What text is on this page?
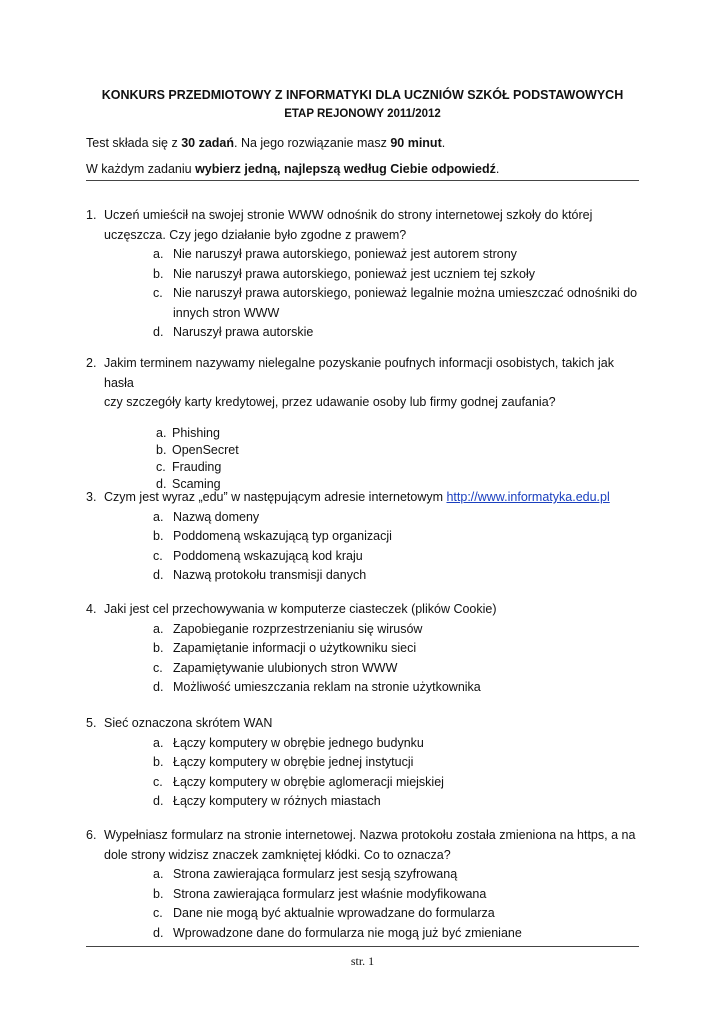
KONKURS PRZEDMIOTOWY Z INFORMATYKI DLA UCZNIÓW SZKÓŁ PODSTAWOWYCH
ETAP REJONOWY 2011/2012
Test składa się z 30 zadań. Na jego rozwiązanie masz 90 minut.
W każdym zadaniu wybierz jedną, najlepszą według Ciebie odpowiedź.
1. Uczeń umieścił na swojej stronie WWW odnośnik do strony internetowej szkoły do której
uczęszcza. Czy jego działanie było zgodne z prawem?
a. Nie naruszył prawa autorskiego, ponieważ jest autorem strony
b. Nie naruszył prawa autorskiego, ponieważ jest uczniem tej szkoły
c. Nie naruszył prawa autorskiego, ponieważ legalnie można umieszczać odnośniki do
innych stron WWW
d. Naruszył prawa autorskie
2. Jakim terminem nazywamy nielegalne pozyskanie poufnych informacji osobistych, takich jak hasła
czy szczegóły karty kredytowej, przez udawanie osoby lub firmy godnej zaufania?
a. Phishing
b. OpenSecret
c. Frauding
d. Scaming
3. Czym jest wyraz „edu” w następującym adresie internetowym http://www.informatyka.edu.pl
a. Nazwą domeny
b. Poddomeną wskazującą typ organizacji
c. Poddomeną wskazującą kod kraju
d. Nazwą protokołu transmisji danych
4. Jaki jest cel przechowywania w komputerze ciasteczek (plików Cookie)
a. Zapobieganie rozprzestrzenianiu się wirusów
b. Zapamiętanie informacji o użytkowniku sieci
c. Zapamiętywanie ulubionych stron WWW
d. Możliwość umieszczania reklam na stronie użytkownika
5. Sieć oznaczona skrótem WAN
a. Łączy komputery w obrębie jednego budynku
b. Łączy komputery w obrębie jednej instytucji
c. Łączy komputery w obrębie aglomeracji miejskiej
d. Łączy komputery w różnych miastach
6. Wypełniasz formularz na stronie internetowej. Nazwa protokołu została zmieniona na https, a na
dole strony widzisz znaczek zamkniętej kłódki. Co to oznacza?
a. Strona zawierająca formularz jest sesją szyfrowaną
b. Strona zawierająca formularz jest właśnie modyfikowana
c. Dane nie mogą być aktualnie wprowadzane do formularza
d. Wprowadzone dane do formularza nie mogą już być zmieniane
str. 1
